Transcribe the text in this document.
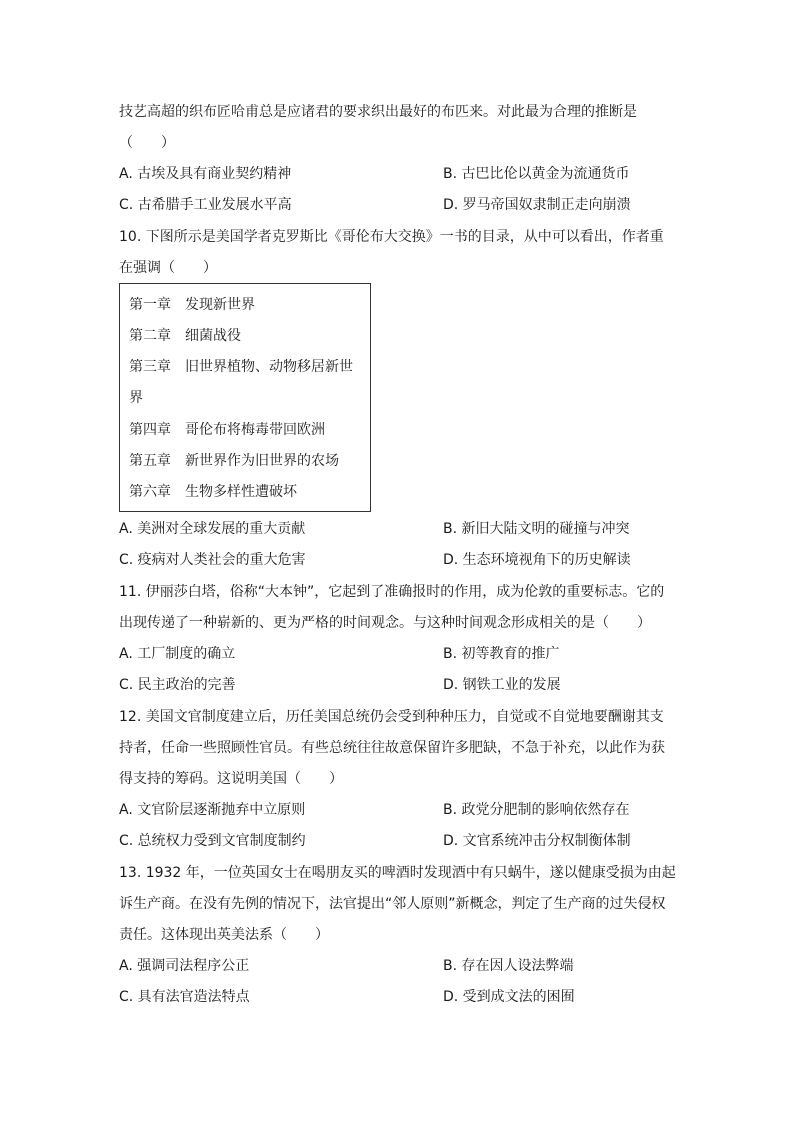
技艺高超的织布匠哈甫总是应诸君的要求织出最好的布匹来。对此最为合理的推断是
（　　）
A. 古埃及具有商业契约精神	B. 古巴比伦以黄金为流通货币
C. 古希腊手工业发展水平高	D. 罗马帝国奴隶制正走向崩溃
10. 下图所示是美国学者克罗斯比《哥伦布大交换》一书的目录，从中可以看出，作者重
在强调（　　）
第一章　发现新世界
第二章　细菌战役
第三章　旧世界植物、动物移居新世
界
第四章　哥伦布将梅毒带回欧洲
第五章　新世界作为旧世界的农场
第六章　生物多样性遭破坏
A. 美洲对全球发展的重大贡献	B. 新旧大陆文明的碰撞与冲突
C. 疫病对人类社会的重大危害	D. 生态环境视角下的历史解读
11. 伊丽莎白塔，俗称“大本钟”，它起到了准确报时的作用，成为伦敦的重要标志。它的
出现传递了一种崭新的、更为严格的时间观念。与这种时间观念形成相关的是（　　）
A. 工厂制度的确立	B. 初等教育的推广
C. 民主政治的完善	D. 钢铁工业的发展
12. 美国文官制度建立后，历任美国总统仍会受到种种压力，自觉或不自觉地要酬谢其支
持者，任命一些照顾性官员。有些总统往往故意保留许多肥缺，不急于补充，以此作为获
得支持的筹码。这说明美国（　　）
A. 文官阶层逐渐抛弃中立原则	B. 政党分肥制的影响依然存在
C. 总统权力受到文官制度制约	D. 文官系统冲击分权制衡体制
13. 1932 年，一位英国女士在喝朋友买的啤酒时发现酒中有只蜗牛，遂以健康受损为由起
诉生产商。在没有先例的情况下，法官提出“邻人原则”新概念，判定了生产商的过失侵权
责任。这体现出英美法系（　　）
A. 强调司法程序公正	B. 存在因人设法弊端
C. 具有法官造法特点	D. 受到成文法的困囿
